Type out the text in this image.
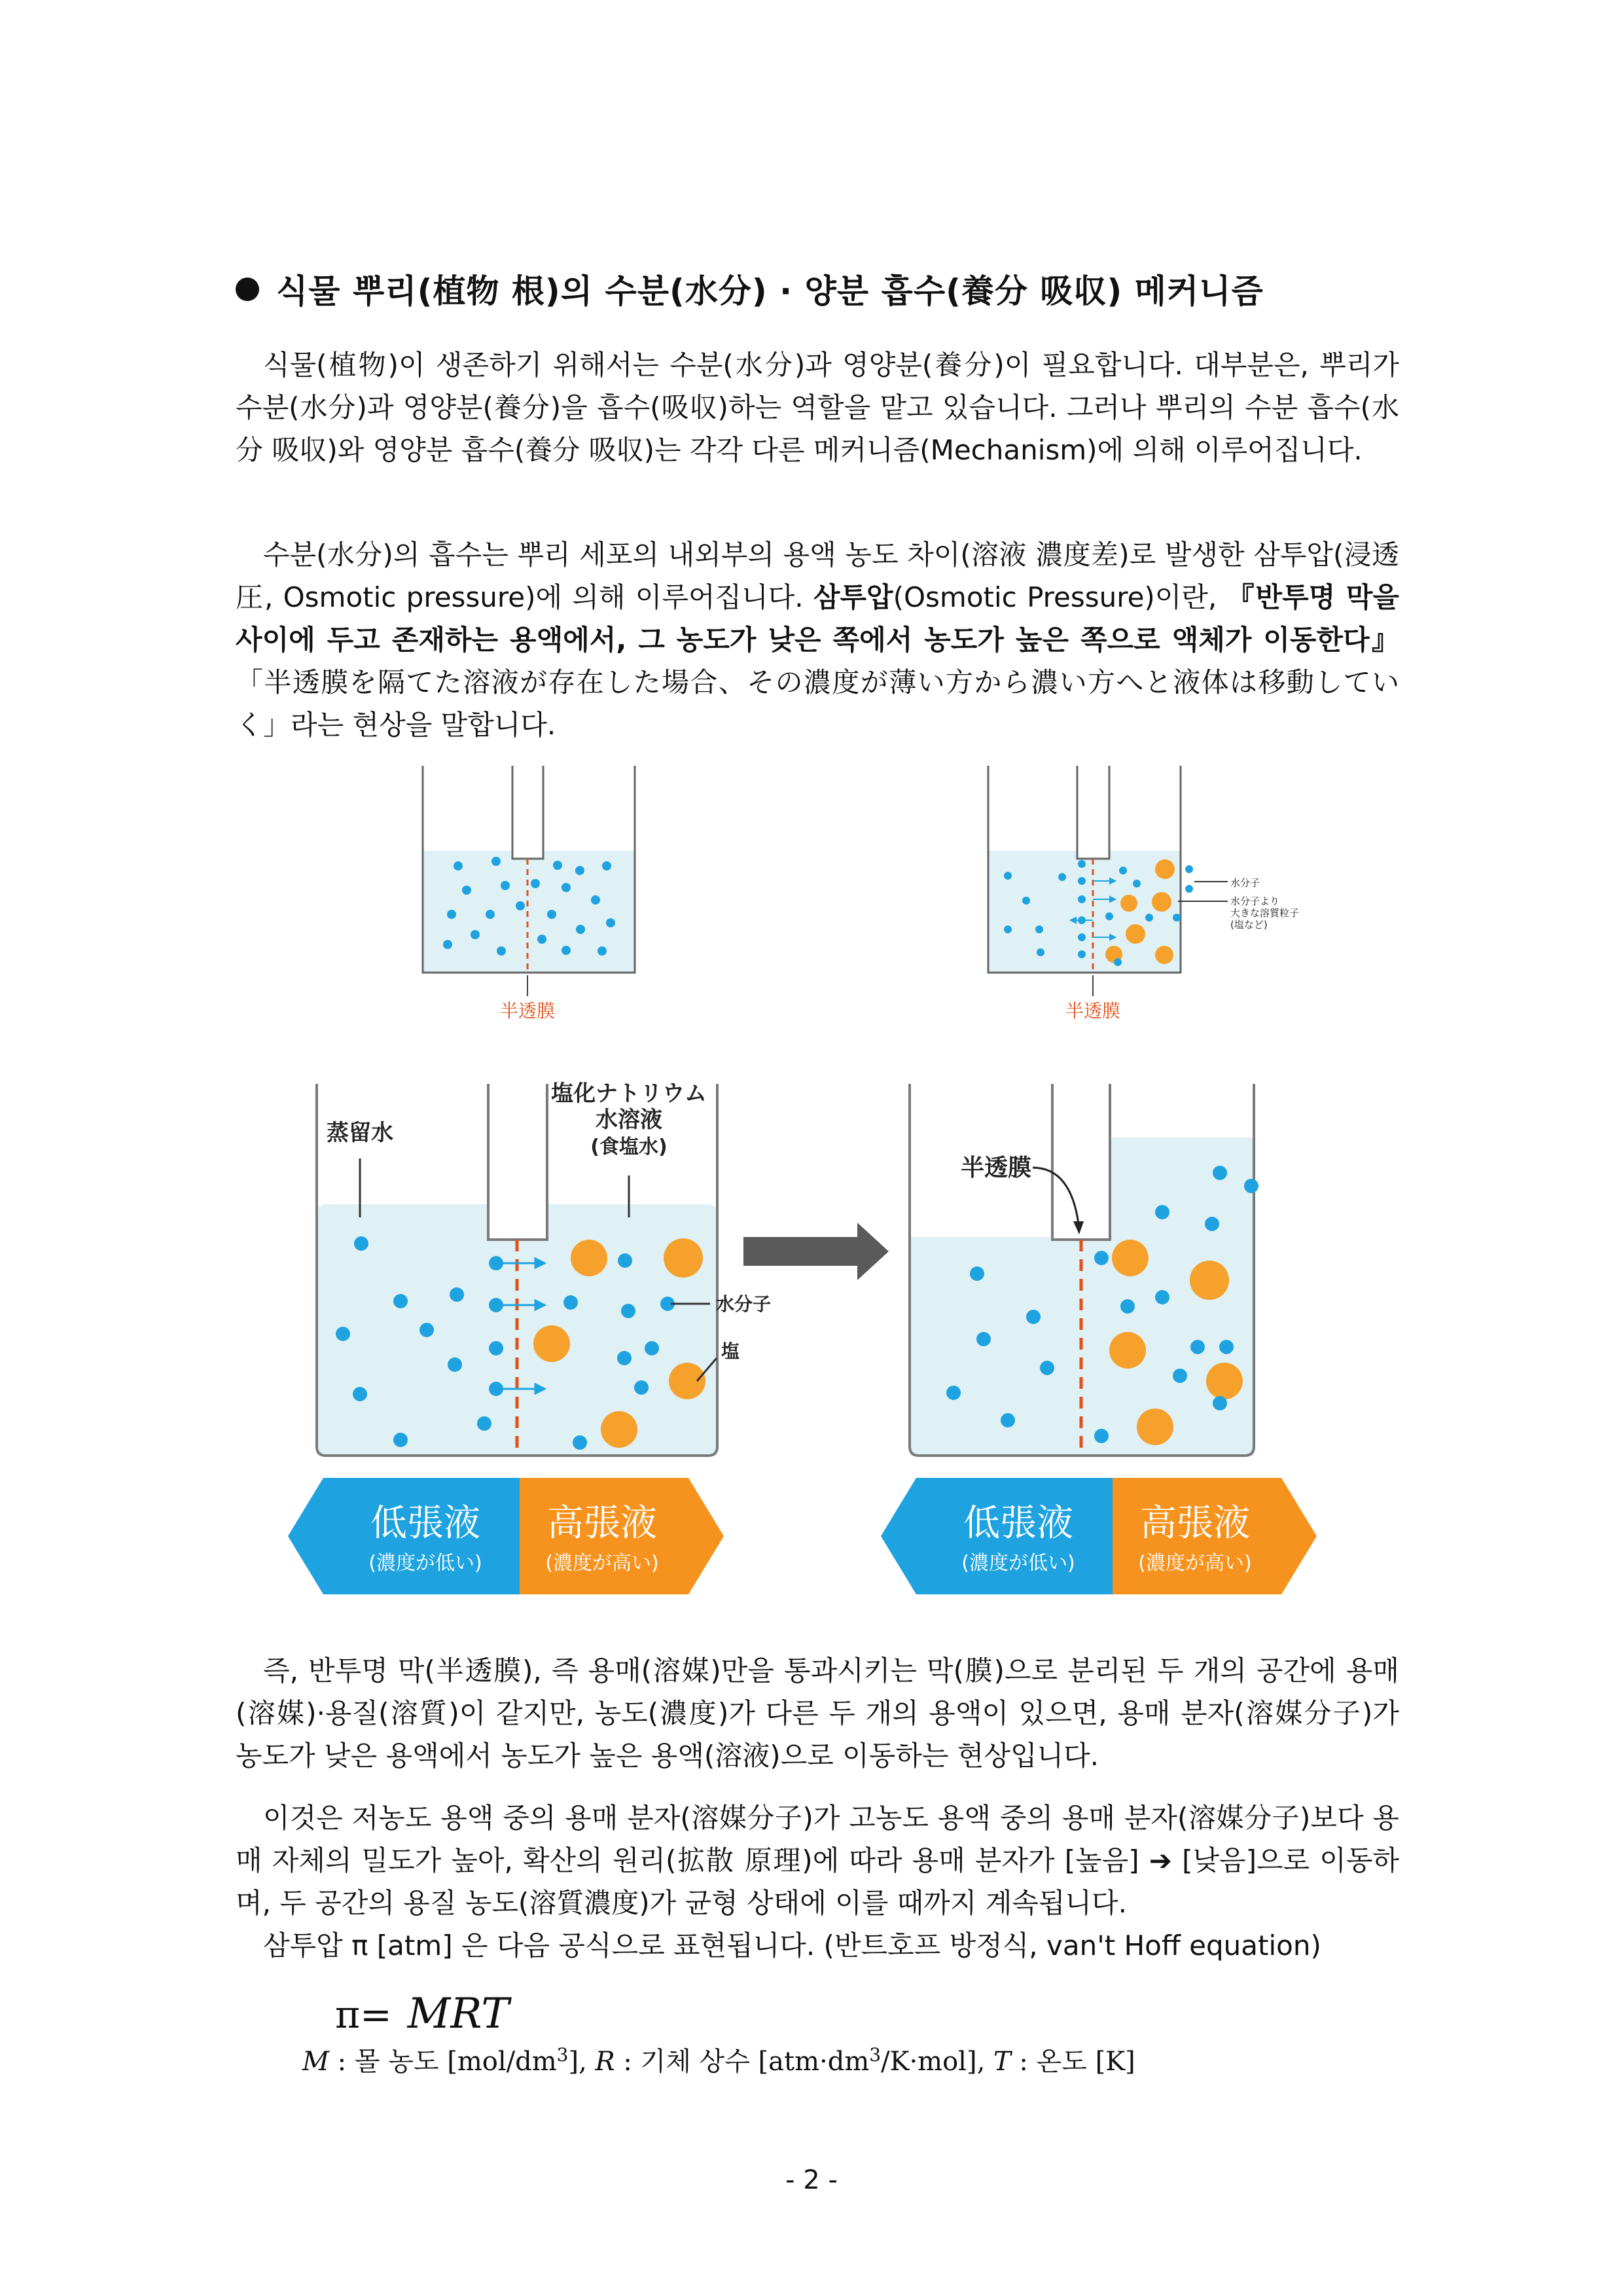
식물 뿌리(植物 根)의 수분(水分) · 양분 흡수(養分 吸収) 메커니즘

식물(植物)이 생존하기 위해서는 수분(水分)과 영양분(養分)이 필요합니다. 대부분은, 뿌리가 수분(水分)과 영양분(養分)을 흡수(吸収)하는 역할을 맡고 있습니다. 그러나 뿌리의 수분 흡수(水分 吸収)와 영양분 흡수(養分 吸収)는 각각 다른 메커니즘(Mechanism)에 의해 이루어집니다.

수분(水分)의 흡수는 뿌리 세포의 내외부의 용액 농도 차이(溶液 濃度差)로 발생한 삼투압(浸透圧, Osmotic pressure)에 의해 이루어집니다. 삼투압(Osmotic Pressure)이란, 『반투명 막을 사이에 두고 존재하는 용액에서, 그 농도가 낮은 쪽에서 농도가 높은 쪽으로 액체가 이동한다』「半透膜を隔てた溶液が存在した場合、その濃度が薄い方から濃い方へと液体は移動していく」라는 현상을 말합니다.

半透膜
水分子
水分子より
大きな溶質粒子
(塩など)
半透膜
蒸留水
塩化ナトリウム
水溶液
(食塩水)
水分子
塩
半透膜
低張液
(濃度が低い)
高張液
(濃度が高い)
低張液
(濃度が低い)
高張液
(濃度が高い)

즉, 반투명 막(半透膜), 즉 용매(溶媒)만을 통과시키는 막(膜)으로 분리된 두 개의 공간에 용매(溶媒)·용질(溶質)이 같지만, 농도(濃度)가 다른 두 개의 용액이 있으면, 용매 분자(溶媒分子)가 농도가 낮은 용액에서 농도가 높은 용액(溶液)으로 이동하는 현상입니다.

이것은 저농도 용액 중의 용매 분자(溶媒分子)가 고농도 용액 중의 용매 분자(溶媒分子)보다 용매 자체의 밀도가 높아, 확산의 원리(拡散 原理)에 따라 용매 분자가 [높음] ➔ [낮음]으로 이동하며, 두 공간의 용질 농도(溶質濃度)가 균형 상태에 이를 때까지 계속됩니다.

삼투압 π [atm] 은 다음 공식으로 표현됩니다. (반트호프 방정식, van't Hoff equation)

π= MRT
M : 몰 농도 $[mol/dm^3]$, R : 기체 상수 $[atm\cdot dm^3/K\cdot mol]$, T : 온도 [K]
- 2 -
